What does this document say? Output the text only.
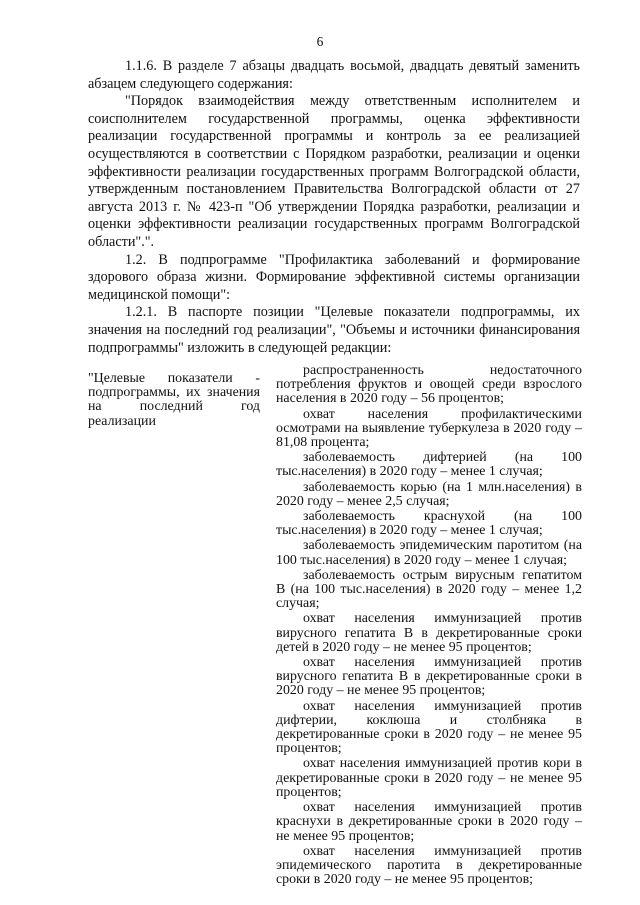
6

1.1.6. В разделе 7 абзацы двадцать восьмой, двадцать девятый заменить абзацем следующего содержания:

"Порядок взаимодействия между ответственным исполнителем и соисполнителем государственной программы, оценка эффективности реализации государственной программы и контроль за ее реализацией осуществляются в соответствии с Порядком разработки, реализации и оценки эффективности реализации государственных программ Волгоградской области, утвержденным постановлением Правительства Волгоградской области от 27 августа 2013 г. № 423-п "Об утверждении Порядка разработки, реализации и оценки эффективности реализации государственных программ Волгоградской области".".

1.2. В подпрограмме "Профилактика заболеваний и формирование здорового образа жизни. Формирование эффективной системы организации медицинской помощи":

1.2.1. В паспорте позиции "Целевые показатели подпрограммы, их значения на последний год реализации", "Объемы и источники финансирования подпрограммы" изложить в следующей редакции:

"Целевые показатели - подпрограммы, их значения на последний год реализации

распространенность недостаточного потребления фруктов и овощей среди взрослого населения в 2020 году – 56 процентов;

охват населения профилактическими осмотрами на выявление туберкулеза в 2020 году – 81,08 процента;

заболеваемость дифтерией (на 100 тыс.населения) в 2020 году – менее 1 случая;

заболеваемость корью (на 1 млн.населения) в 2020 году – менее 2,5 случая;

заболеваемость краснухой (на 100 тыс.населения) в 2020 году – менее 1 случая;

заболеваемость эпидемическим паротитом (на 100 тыс.населения) в 2020 году – менее 1 случая;

заболеваемость острым вирусным гепатитом В (на 100 тыс.населения) в 2020 году – менее 1,2 случая;

охват населения иммунизацией против вирусного гепатита В в декретированные сроки детей в 2020 году – не менее 95 процентов;

охват населения иммунизацией против вирусного гепатита В в декретированные сроки в 2020 году – не менее 95 процентов;

охват населения иммунизацией против дифтерии, коклюша и столбняка в декретированные сроки в 2020 году – не менее 95 процентов;

охват населения иммунизацией против кори в декретированные сроки в 2020 году – не менее 95 процентов;

охват населения иммунизацией против краснухи в декретированные сроки в 2020 году – не менее 95 процентов;

охват населения иммунизацией против эпидемического паротита в декретированные сроки в 2020 году – не менее 95 процентов;
